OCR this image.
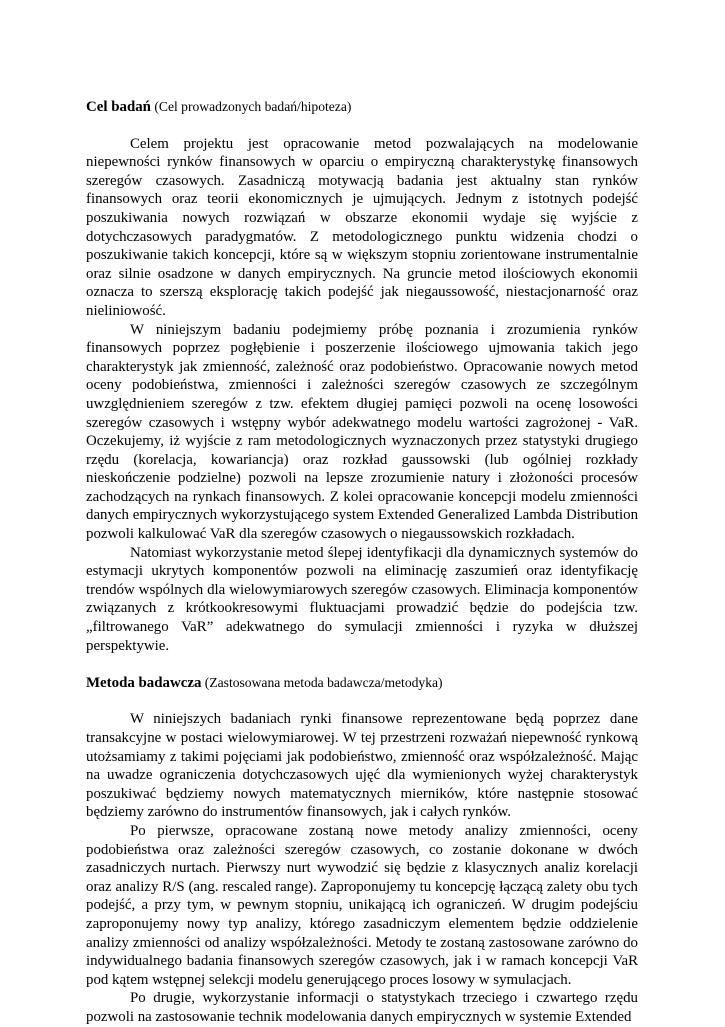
Cel badań (Cel prowadzonych badań/hipoteza)

Celem projektu jest opracowanie metod pozwalających na modelowanie niepewności rynków finansowych w oparciu o empiryczną charakterystykę finansowych szeregów czasowych. Zasadniczą motywacją badania jest aktualny stan rynków finansowych oraz teorii ekonomicznych je ujmujących. Jednym z istotnych podejść poszukiwania nowych rozwiązań w obszarze ekonomii wydaje się wyjście z dotychczasowych paradygmatów. Z metodologicznego punktu widzenia chodzi o poszukiwanie takich koncepcji, które są w większym stopniu zorientowane instrumentalnie oraz silnie osadzone w danych empirycznych. Na gruncie metod ilościowych ekonomii oznacza to szerszą eksplorację takich podejść jak niegaussowość, niestacjonarność oraz nieliniowość.

W niniejszym badaniu podejmiemy próbę poznania i zrozumienia rynków finansowych poprzez pogłębienie i poszerzenie ilościowego ujmowania takich jego charakterystyk jak zmienność, zależność oraz podobieństwo. Opracowanie nowych metod oceny podobieństwa, zmienności i zależności szeregów czasowych ze szczególnym uwzględnieniem szeregów z tzw. efektem długiej pamięci pozwoli na ocenę losowości szeregów czasowych i wstępny wybór adekwatnego modelu wartości zagrożonej - VaR. Oczekujemy, iż wyjście z ram metodologicznych wyznaczonych przez statystyki drugiego rzędu (korelacja, kowariancja) oraz rozkład gaussowski (lub ogólniej rozkłady nieskończenie podzielne) pozwoli na lepsze zrozumienie natury i złożoności procesów zachodzących na rynkach finansowych. Z kolei opracowanie koncepcji modelu zmienności danych empirycznych wykorzystującego system Extended Generalized Lambda Distribution pozwoli kalkulować VaR dla szeregów czasowych o niegaussowskich rozkładach.

Natomiast wykorzystanie metod ślepej identyfikacji dla dynamicznych systemów do estymacji ukrytych komponentów pozwoli na eliminację zaszumień oraz identyfikację trendów wspólnych dla wielowymiarowych szeregów czasowych. Eliminacja komponentów związanych z krótkookresowymi fluktuacjami prowadzić będzie do podejścia tzw. „filtrowanego VaR” adekwatnego do symulacji zmienności i ryzyka w dłuższej perspektywie.

Metoda badawcza (Zastosowana metoda badawcza/metodyka)

W niniejszych badaniach rynki finansowe reprezentowane będą poprzez dane transakcyjne w postaci wielowymiarowej. W tej przestrzeni rozważań niepewność rynkową utożsamiamy z takimi pojęciami jak podobieństwo, zmienność oraz współzależność. Mając na uwadze ograniczenia dotychczasowych ujęć dla wymienionych wyżej charakterystyk poszukiwać będziemy nowych matematycznych mierników, które następnie stosować będziemy zarówno do instrumentów finansowych, jak i całych rynków.

Po pierwsze, opracowane zostaną nowe metody analizy zmienności, oceny podobieństwa oraz zależności szeregów czasowych, co zostanie dokonane w dwóch zasadniczych nurtach. Pierwszy nurt wywodzić się będzie z klasycznych analiz korelacji oraz analizy R/S (ang. rescaled range). Zaproponujemy tu koncepcję łączącą zalety obu tych podejść, a przy tym, w pewnym stopniu, unikającą ich ograniczeń. W drugim podejściu zaproponujemy nowy typ analizy, którego zasadniczym elementem będzie oddzielenie analizy zmienności od analizy współzależności. Metody te zostaną zastosowane zarówno do indywidualnego badania finansowych szeregów czasowych, jak i w ramach koncepcji VaR pod kątem wstępnej selekcji modelu generującego proces losowy w symulacjach.

Po drugie, wykorzystanie informacji o statystykach trzeciego i czwartego rzędu pozwoli na zastosowanie technik modelowania danych empirycznych w systemie Extended
